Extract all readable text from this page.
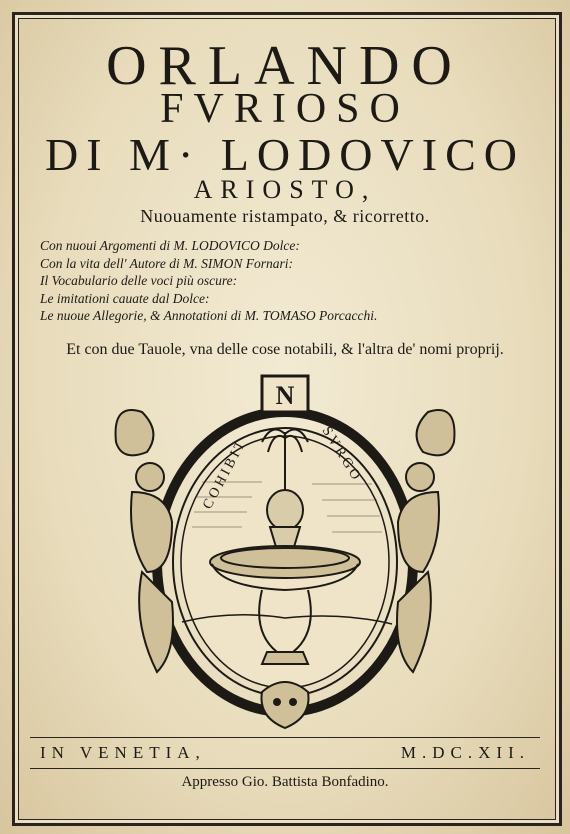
ORLANDO
FVRIOSO
DI M· LODOVICO
ARIOSTO,
Nuouamente ristampato, & ricorretto.
Con nuoui Argomenti di M. LODOVICO Dolce:
Con la vita dell' Autore di M. SIMON Fornari:
Il Vocabulario delle voci più oscure:
Le imitationi cauate dal Dolce:
Le nuoue Allegorie, & Annotationi di M. TOMASO Porcacchi.
Et con due Tauole, vna delle cose notabili, & l'altra de' nomi proprij.
N
COHIBIT	SVRGO
IN VENETIA,	M.DC.XII.
Appresso Gio. Battista Bonfadino.
